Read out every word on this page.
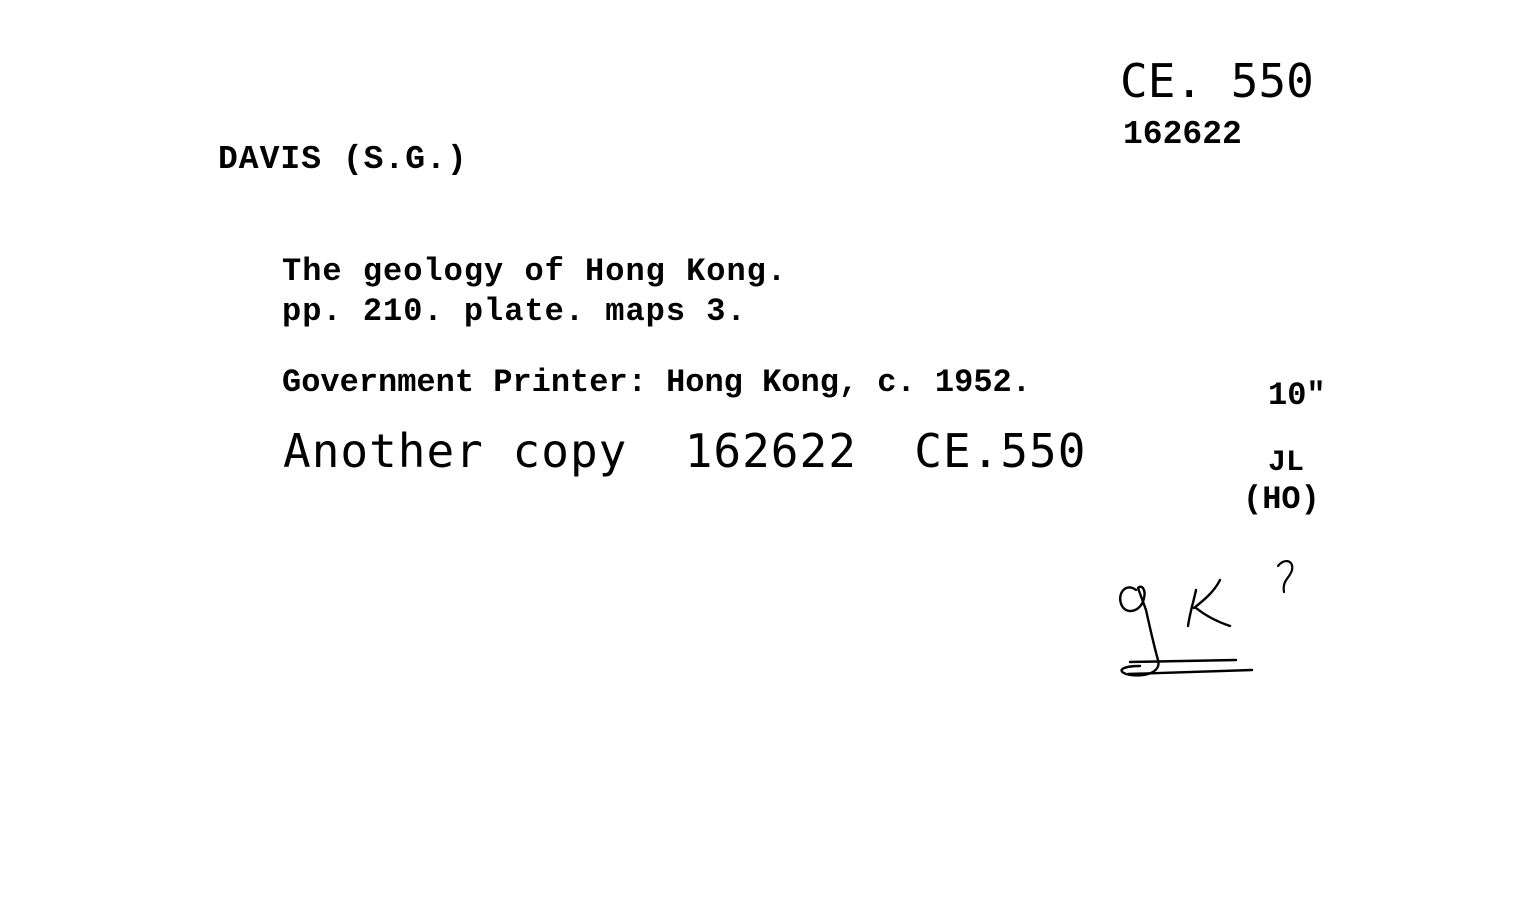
CE. 550
162622
DAVIS (S.G.)
The geology of Hong Kong.
pp. 210. plate. maps 3.
Government Printer: Hong Kong, c. 1952.	10"
Another copy  162622  CE.550	JL
(HO)
